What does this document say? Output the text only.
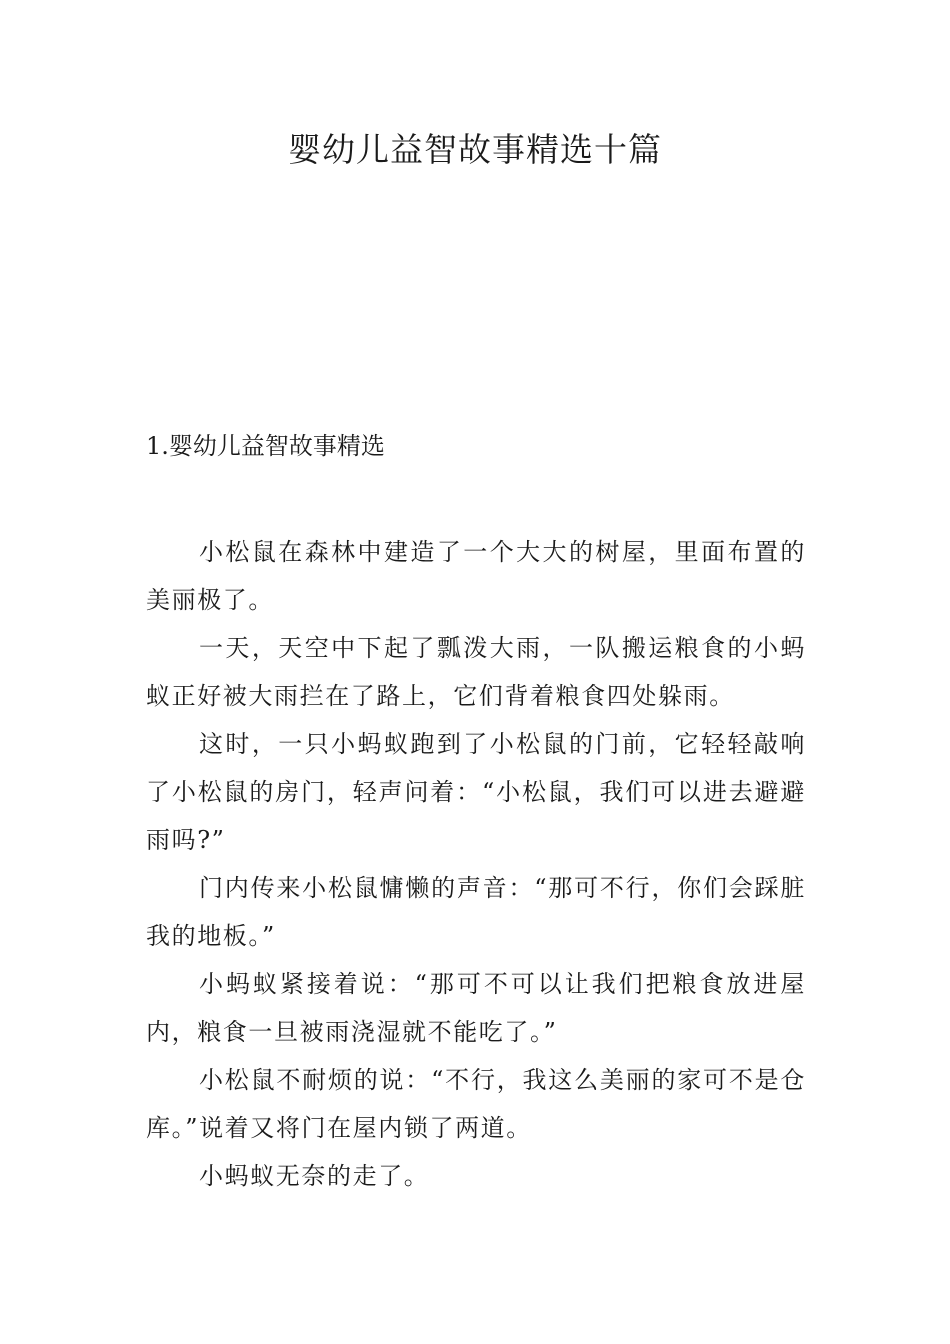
婴幼儿益智故事精选十篇
1.婴幼儿益智故事精选

小松鼠在森林中建造了一个大大的树屋，里面布置的美丽极了。

一天，天空中下起了瓢泼大雨，一队搬运粮食的小蚂蚁正好被大雨拦在了路上，它们背着粮食四处躲雨。

这时，一只小蚂蚁跑到了小松鼠的门前，它轻轻敲响了小松鼠的房门，轻声问着：“小松鼠，我们可以进去避避雨吗?”

门内传来小松鼠慵懒的声音：“那可不行，你们会踩脏我的地板。”

小蚂蚁紧接着说：“那可不可以让我们把粮食放进屋内，粮食一旦被雨浇湿就不能吃了。”

小松鼠不耐烦的说：“不行，我这么美丽的家可不是仓库。”说着又将门在屋内锁了两道。

小蚂蚁无奈的走了。
